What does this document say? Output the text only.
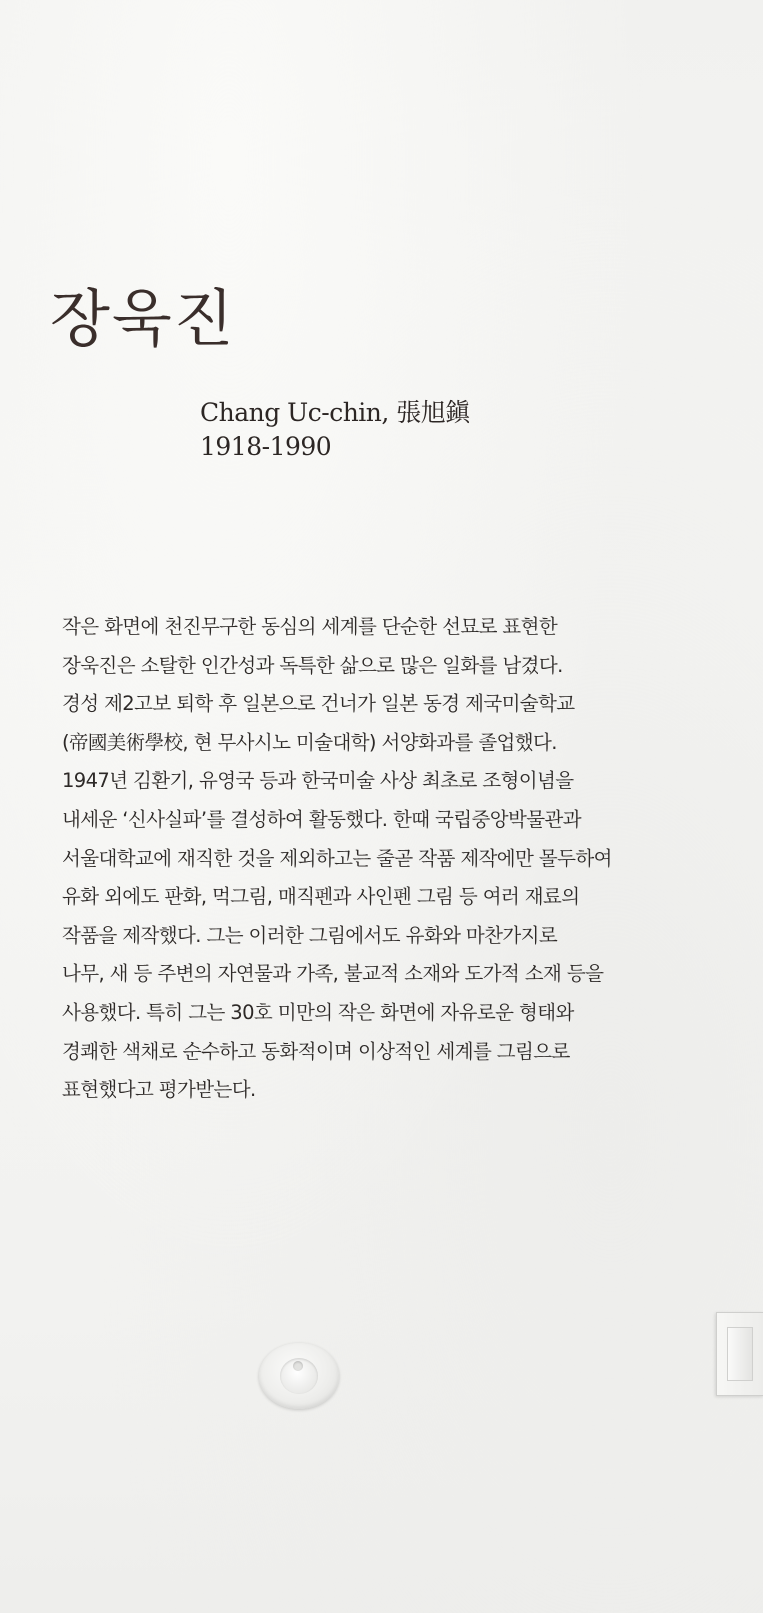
장욱진
Chang Uc-chin, 張旭鎭
1918-1990
작은 화면에 천진무구한 동심의 세계를 단순한 선묘로 표현한
장욱진은 소탈한 인간성과 독특한 삶으로 많은 일화를 남겼다.
경성 제2고보 퇴학 후 일본으로 건너가 일본 동경 제국미술학교
(帝國美術學校, 현 무사시노 미술대학) 서양화과를 졸업했다.
1947년 김환기, 유영국 등과 한국미술 사상 최초로 조형이념을
내세운 ‘신사실파’를 결성하여 활동했다. 한때 국립중앙박물관과
서울대학교에 재직한 것을 제외하고는 줄곧 작품 제작에만 몰두하여
유화 외에도 판화, 먹그림, 매직펜과 사인펜 그림 등 여러 재료의
작품을 제작했다. 그는 이러한 그림에서도 유화와 마찬가지로
나무, 새 등 주변의 자연물과 가족, 불교적 소재와 도가적 소재 등을
사용했다. 특히 그는 30호 미만의 작은 화면에 자유로운 형태와
경쾌한 색채로 순수하고 동화적이며 이상적인 세계를 그림으로
표현했다고 평가받는다.
